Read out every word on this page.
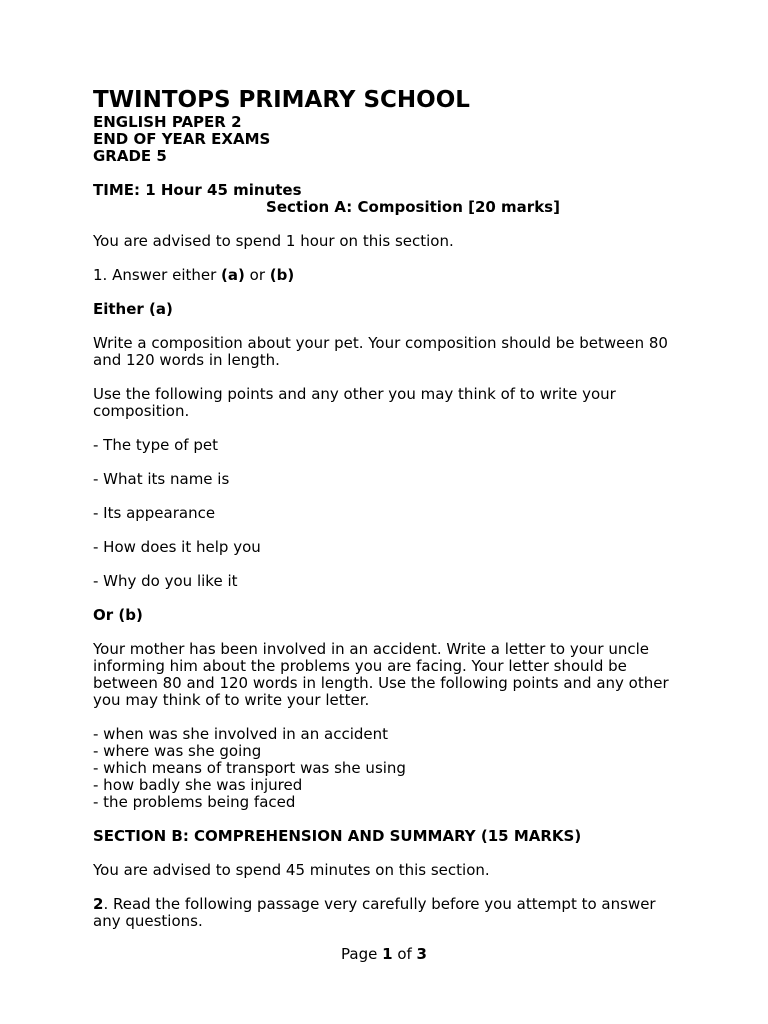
TWINTOPS PRIMARY SCHOOL
ENGLISH PAPER 2
END OF YEAR EXAMS
GRADE 5
TIME: 1 Hour 45 minutes
Section A: Composition [20 marks]

You are advised to spend 1 hour on this section.

1. Answer either (a) or (b)

Either (a)

Write a composition about your pet. Your composition should be between 80 and 120 words in length.

Use the following points and any other you may think of to write your composition.

- The type of pet

- What its name is

- Its appearance

- How does it help you

- Why do you like it

Or (b)

Your mother has been involved in an accident. Write a letter to your uncle informing him about the problems you are facing. Your letter should be between 80 and 120 words in length. Use the following points and any other you may think of to write your letter.

- when was she involved in an accident
- where was she going
- which means of transport was she using
- how badly she was injured
- the problems being faced

SECTION B: COMPREHENSION AND SUMMARY (15 MARKS)

You are advised to spend 45 minutes on this section.

2. Read the following passage very carefully before you attempt to answer any questions.

Page 1 of 3
